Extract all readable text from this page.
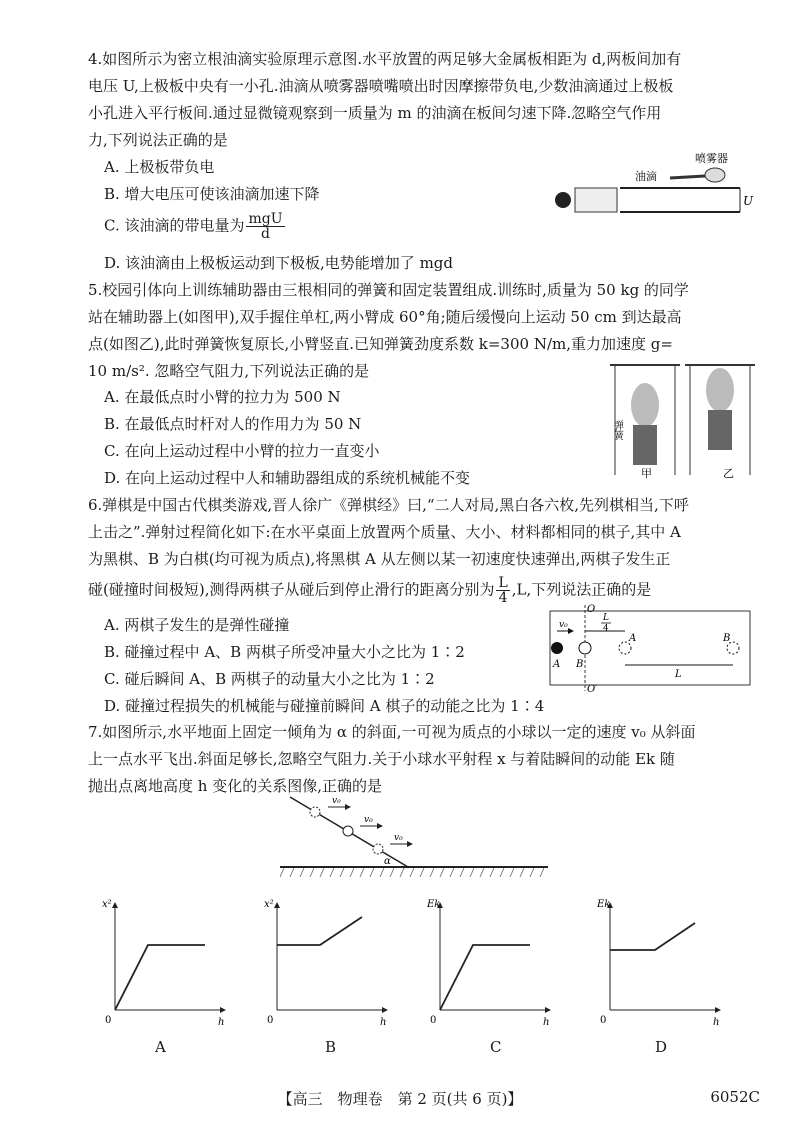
4.如图所示为密立根油滴实验原理示意图.水平放置的两足够大金属板相距为 d,两板间加有

电压 U,上极板中央有一小孔.油滴从喷雾器喷嘴喷出时因摩擦带负电,少数油滴通过上极板

小孔进入平行板间.通过显微镜观察到一质量为 m 的油滴在板间匀速下降.忽略空气作用

力,下列说法正确的是

A. 上极板带负电

B. 增大电压可使该油滴加速下降

C. 该油滴的带电量为 $\frac{\text{mgU}}{d}$

D. 该油滴由上极板运动到下极板,电势能增加了 mgd

油滴
喷雾器
U

5.校园引体向上训练辅助器由三根相同的弹簧和固定装置组成.训练时,质量为 50 kg 的同学

站在辅助器上(如图甲),双手握住单杠,两小臂成 60°角;随后缓慢向上运动 50 cm 到达最高

点(如图乙),此时弹簧恢复原长,小臂竖直.已知弹簧劲度系数 k=300 N/m,重力加速度 g=

10 m/s². 忽略空气阻力,下列说法正确的是

A. 在最低点时小臂的拉力为 500 N

B. 在最低点时杆对人的作用力为 50 N

C. 在向上运动过程中小臂的拉力一直变小

D. 在向上运动过程中人和辅助器组成的系统机械能不变

弹簧
甲	乙

6.弹棋是中国古代棋类游戏,晋人徐广《弹棋经》曰,“二人对局,黑白各六枚,先列棋相当,下呼

上击之”.弹射过程简化如下:在水平桌面上放置两个质量、大小、材料都相同的棋子,其中 A

为黑棋、B 为白棋(均可视为质点),将黑棋 A 从左侧以某一初速度快速弹出,两棋子发生正

碰(碰撞时间极短),测得两棋子从碰后到停止滑行的距离分别为 $\frac{L}{4} ,L$,下列说法正确的是

A. 两棋子发生的是弹性碰撞

B. 碰撞过程中 A、B 两棋子所受冲量大小之比为 1∶2

C. 碰后瞬间 A、B 两棋子的动量大小之比为 1∶2

D. 碰撞过程损失的机械能与碰撞前瞬间 A 棋子的动能之比为 1∶4

O
O′
v₀
A B
A	B
L
4
L

7.如图所示,水平地面上固定一倾角为 α 的斜面,一可视为质点的小球以一定的速度 v₀ 从斜面

上一点水平飞出.斜面足够长,忽略空气阻力.关于小球水平射程 x 与着陆瞬间的动能 Ek 随

抛出点离地高度 h 变化的关系图像,正确的是

v₀
v₀
v₀
α
x²
h
0
A
x²
h
0
B
Ek
h
0
C
Ek
h
0
D
【高三　物理卷　第 2 页(共 6 页)】	6052C
